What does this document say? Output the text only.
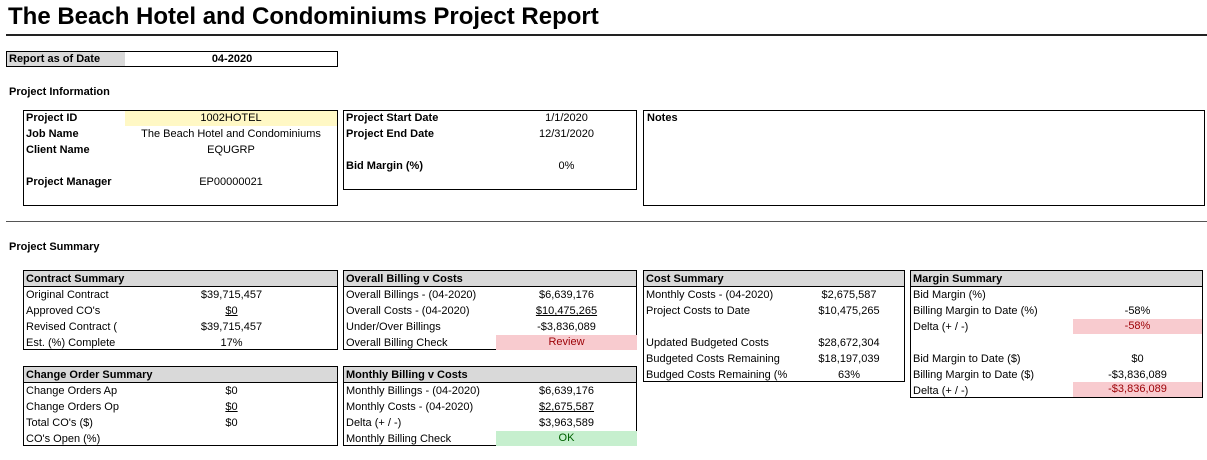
The Beach Hotel and Condominiums Project Report
Report as of Date	04-2020
Project Information
Project ID	1002HOTEL
Job Name	The Beach Hotel and Condominiums
Client Name	EQUGRP
Project Manager	EP00000021
Project Start Date	1/1/2020
Project End Date	12/31/2020
Bid Margin (%)	0%
Notes
Project Summary
Contract Summary
Original Contract	$39,715,457
Approved CO's	$0
Revised Contract (	$39,715,457
Est. (%) Complete	17%
Change Order Summary
Change Orders Ap	$0
Change Orders Op	$0
Total CO's ($)	$0
CO's Open (%)
Overall Billing v Costs
Overall Billings - (04-2020)	$6,639,176
Overall Costs - (04-2020)	$10,475,265
Under/Over Billings	-$3,836,089
Overall Billing Check	Review
Monthly Billing v Costs
Monthly Billings - (04-2020)	$6,639,176
Monthly Costs - (04-2020)	$2,675,587
Delta (+ / -)	$3,963,589
Monthly Billing Check	OK
Cost Summary
Monthly Costs - (04-2020)	$2,675,587
Project Costs to Date	$10,475,265
Updated Budgeted Costs	$28,672,304
Budgeted Costs Remaining	$18,197,039
Budged Costs Remaining (%	63%
Margin Summary
Bid Margin (%)
Billing Margin to Date (%)	-58%
Delta (+ / -)	-58%
Bid Margin to Date ($)	$0
Billing Margin to Date ($)	-$3,836,089
Delta (+ / -)	-$3,836,089
